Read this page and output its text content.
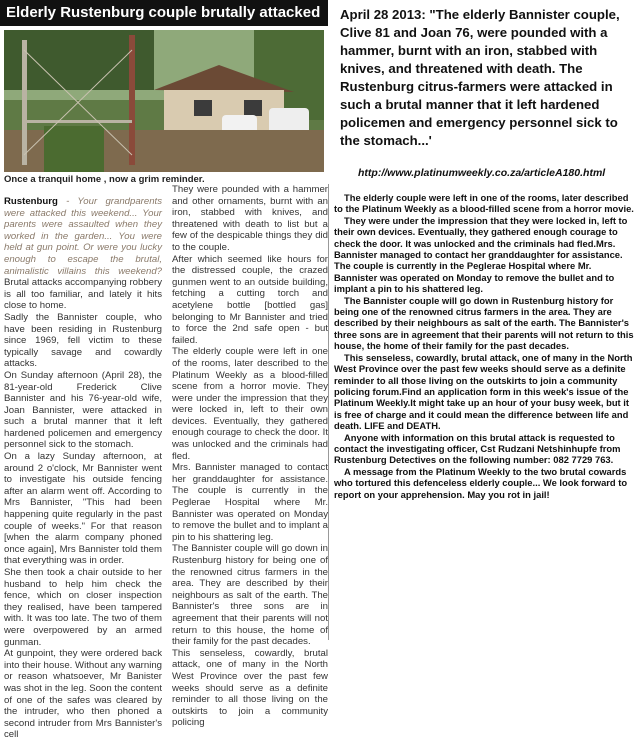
Elderly Rustenburg couple brutally attacked
Once a tranquil home , now a grim reminder.
April 28 2013: "The elderly Bannister couple, Clive 81 and Joan 76, were pounded with a hammer, burnt with an iron, stabbed with knives, and threatened with death. The Rustenburg citrus-farmers were attacked in such a brutal manner that it left hardened policemen and emergency personnel sick to the stomach...'
http://www.platinumweekly.co.za/articleA180.html

Rustenburg - Your grandparents were attacked this weekend... Your parents were assaulted when they worked in the garden... You were held at gun point. Or were you lucky enough to escape the brutal, animalistic villains this weekend? Brutal attacks accompanying robbery is all too familiar, and lately it hits close to home.

Sadly the Bannister couple, who have been residing in Rustenburg since 1969, fell victim to these typically savage and cowardly attacks.

On Sunday afternoon (April 28), the 81-year-old Frederick Clive Bannister and his 76-year-old wife, Joan Bannister, were attacked in such a brutal manner that it left hardened policemen and emergency personnel sick to the stomach.

On a lazy Sunday afternoon, at around 2 o'clock, Mr Bannister went to investigate his outside fencing after an alarm went off. According to Mrs Bannister, "This had been happening quite regularly in the past couple of weeks." For that reason [when the alarm company phoned once again], Mrs Bannister told them that everything was in order.

She then took a chair outside to her husband to help him check the fence, which on closer inspection they realised, have been tampered with. It was too late. The two of them were overpowered by an armed gunman.

At gunpoint, they were ordered back into their house. Without any warning or reason whatsoever, Mr Banister was shot in the leg. Soon the content of one of the safes was cleared by the intruder, who then phoned a second intruder from Mrs Bannister's cell

They were pounded with a hammer and other ornaments, burnt with an iron, stabbed with knives, and threatened with death to list but a few of the despicable things they did to the couple.

After which seemed like hours for the distressed couple, the crazed gunmen went to an outside building, fetching a cutting torch and acetylene bottle [bottled gas] belonging to Mr Bannister and tried to force the 2nd safe open - but failed.

The elderly couple were left in one of the rooms, later described to the Platinum Weekly as a blood-filled scene from a horror movie. They were under the impression that they were locked in, left to their own devices. Eventually, they gathered enough courage to check the door. It was unlocked and the criminals had fled.

Mrs. Bannister managed to contact her granddaughter for assistance. The couple is currently in the Pegleraе Hospital where Mr. Bannister was operated on Monday to remove the bullet and to implant a pin to his shattering leg.

The Bannister couple will go down in Rustenburg history for being one of the renowned citrus farmers in the area. They are described by their neighbours as salt of the earth. The Bannister's three sons are in agreement that their parents will not return to this house, the home of their family for the past decades.

This senseless, cowardly, brutal attack, one of many in the North West Province over the past few weeks should serve as a definite reminder to all those living on the outskirts to join a community policing

The elderly couple were left in one of the rooms, later described to the Platinum Weekly as a blood-filled scene from a horror movie.

They were under the impression that they were locked in, left to their own devices. Eventually, they gathered enough courage to check the door. It was unlocked and the criminals had fled.Mrs. Bannister managed to contact her granddaughter for assistance. The couple is currently in the Peglerae Hospital where Mr. Bannister was operated on Monday to remove the bullet and to implant a pin to his shattered leg.

The Bannister couple will go down in Rustenburg history for being one of the renowned citrus farmers in the area. They are described by their neighbours as salt of the earth. The Bannister's three sons are in agreement that their parents will not return to this house, the home of their family for the past decades.

This senseless, cowardly, brutal attack, one of many in the North West Province over the past few weeks should serve as a definite reminder to all those living on the outskirts to join a community policing forum.Find an application form in this week's issue of the Platinum Weekly.It might take up an hour of your busy week, but it is free of charge and it could mean the difference between life and death. LIFE and DEATH.

Anyone with information on this brutal attack is requested to contact the investigating officer, Cst Rudzani Netshinhupfe from Rustenburg Detectives on the following number: 082 7729 763.

A message from the Platinum Weekly to the two brutal cowards who tortured this defenceless elderly couple... We look forward to report on your apprehension. May you rot in jail!
